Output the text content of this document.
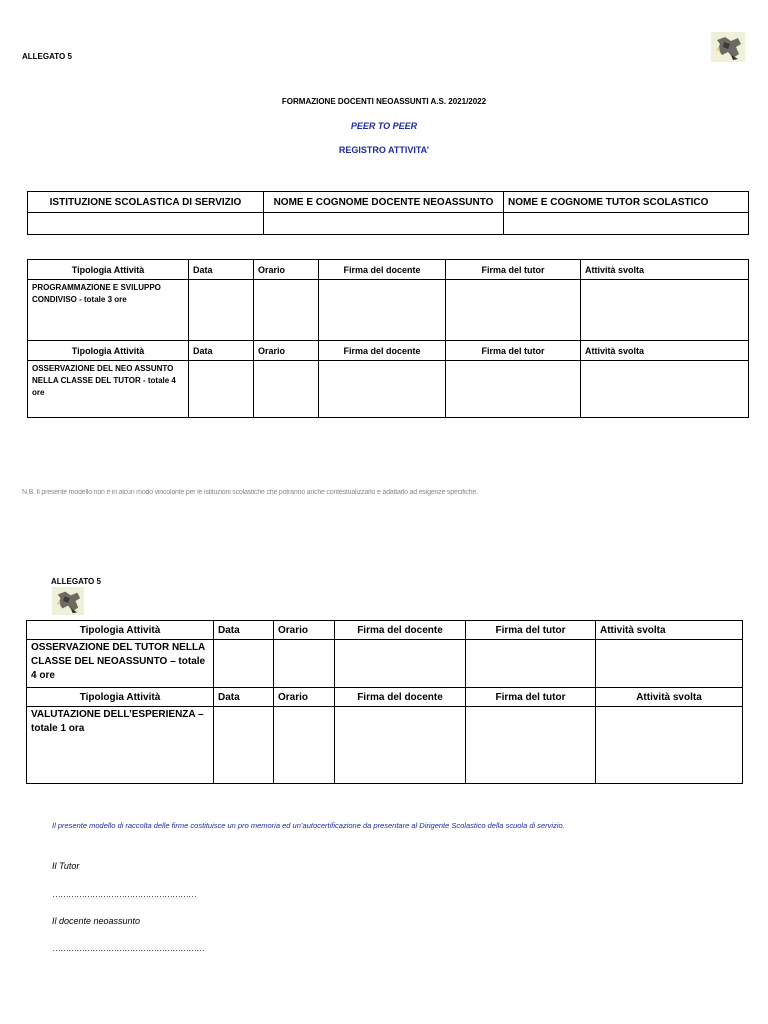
ALLEGATO 5
FORMAZIONE DOCENTI NEOASSUNTI A.S. 2021/2022
PEER TO PEER
REGISTRO ATTIVITA’
ISTITUZIONE SCOLASTICA DI SERVIZIO	NOME E COGNOME DOCENTE NEOASSUNTO	NOME E COGNOME TUTOR SCOLASTICO

Tipologia Attività	Data	Orario	Firma del docente	Firma del tutor	Attività svolta
PROGRAMMAZIONE E SVILUPPO CONDIVISO - totale 3 ore					
Tipologia Attività	Data	Orario	Firma del docente	Firma del tutor	Attività svolta
OSSERVAZIONE DEL NEO ASSUNTO NELLA CLASSE DEL TUTOR - totale 4 ore					
N.B. Il presente modello non è in alcun modo vincolante per le istituzioni scolastiche che potranno anche contestualizzarlo e adattarlo ad esigenze specifiche.
ALLEGATO 5
Tipologia Attività	Data	Orario	Firma del docente	Firma del tutor	Attività svolta
OSSERVAZIONE DEL TUTOR NELLA CLASSE DEL NEOASSUNTO – totale 4 ore					
Tipologia Attività	Data	Orario	Firma del docente	Firma del tutor	Attività svolta
VALUTAZIONE DELL’ESPERIENZA – totale 1 ora					
Il presente modello di raccolta delle firme costituisce un pro memoria ed un’autocertificazione da presentare al Dirigente Scolastico della scuola di servizio.
Il Tutor
………………………………………………
Il docente neoassunto
…………………………………………………
